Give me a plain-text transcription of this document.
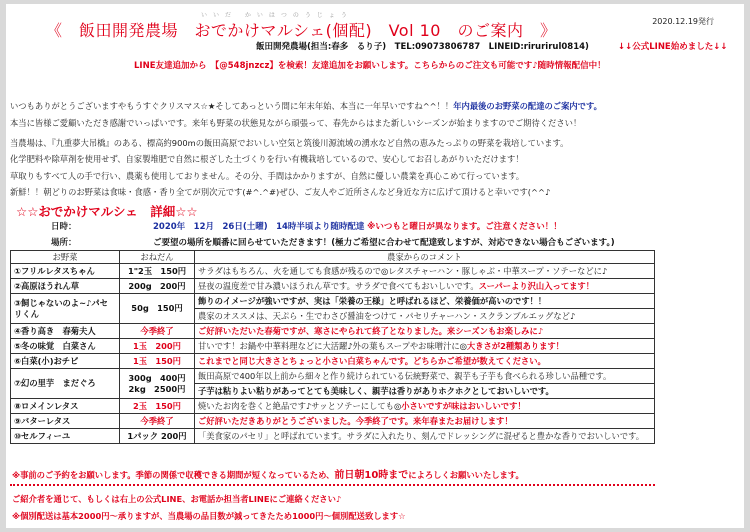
いいだ かいはつのうじょう
《　飯田開発農場　おでかけマルシェ(個配)　Vol 10　のご案内　》	2020.12.19発行
飯田開発農場(担当:春多　るり子)　TEL:09073806787　LINEID:rirurirul0814)	↓↓公式LINE始めました↓↓
LINE友達追加から　【@548jnzcz】を検索！友達追加をお願いします。こちらからのご注文も可能です♪随時情報配信中！
いつもありがとうございますやもうすぐクリスマス☆★そしてあっという間に年末年始、本当に一年早いですね^^！！年内最後のお野菜の配達のご案内です。
本当に皆様ご愛顧いただき感謝でいっぱいです。来年も野菜の状態見ながら頑張って、春先からはまた新しいシーズンが始まりますのでご期待ください！
当農場は、『九重夢大吊橋』のある、標高約900mの飯田高原でおいしい空気と筑後川源流域の湧水など自然の恵みたっぷりの野菜を栽培しています。
化学肥料や除草剤を使用せず、自家製堆肥で自然に根ざした土づくりを行い有機栽培しているので、安心してお召しあがりいただけます！
草取りもすべて人の手で行い、農薬も使用しておりません。その分、手間はかかりますが、自然に優しい農業を真心こめて行っています。
新鮮！！朝どりのお野菜は食味・食感・香り全てが別次元です(#^.^#)ぜひ、ご友人やご近所さんなど身近な方に広げて頂けると幸いです(^^♪
☆☆おでかけマルシェ　詳細☆☆
日時：	2020年　12月　26日(土曜)　14時半頃より随時配達 ※いつもと曜日が異なります。ご注意ください！！
場所：	ご要望の場所を順番に回らせていただきます！(極力ご希望に合わせて配達致しますが、対応できない場合もございます。)
お野菜	おねだん	農家からのコメント
①フリルレタスちゃん	1"2玉　150円	サラダはもちろん、火を通しても食感が残るので◎レタスチャーハン・豚しゃぶ・中華スープ・ソテーなどに♪
②高原ほうれん草	200g　200円	昼夜の温度差で甘み濃いほうれん草です。サラダで食べてもおいしいです。スーパーより沢山入ってます！
③飼じゃないのよ~♪パセリくん	50g　150円	飾りのイメージが強いですが、実は「栄養の王様」と呼ばれるほど、栄養価が高いのです！！
		農家のオススメは、天ぷら・生でわさび醤油をつけて・パセリチャーハン・スクランブルエッグなど♪
④香り高き　春菊夫人	今季終了	ご好評いただいた春菊ですが、寒さにやられて終了となりました。来シーズンもお楽しみに♪
⑤冬の味覚　白菜さん	1玉　200円	甘いです！お鍋や中華料理などに大活躍♪外の葉もスープやお味噌汁に◎大きさが2種類あります！
⑥白菜(小)おチビ	1玉　150円	これまでと同じ大きさとちょっと小さい白菜ちゃんです。どちらかご希望が数えてください。
⑦幻の里芋　まだぐろ	300g　400円　2kg　2500円	飯田高原で400年以上前から細々と作り続けられている伝統野菜で、親芋も子芋も食べられる珍しい品種です。
		子芋は粘りよい粘りがあってとても美味しく、親芋は香りがありホクホクとしておいしいです。
⑧ロメインレタス	2玉　150円	焼いたお肉を巻くと絶品です♪サッとソテーにしても◎小さいですが味はおいしいです！
⑨バターレタス	今季終了	ご好評いただきありがとうございました。今季終了です。来年春またお届けします！
⑩セルフィーユ	1パック 200円	「美食家のパセリ」と呼ばれています。サラダに入れたり、刻んでドレッシングに混ぜると豊かな香りでおいしいです。
※事前のご予約をお願いします。季節の関係で収穫できる期間が短くなっているため、前日朝10時までによろしくお願いいたします。
ご紹介者を通じて、もしくは右上の公式LINE、お電話か担当者LINEにご連絡ください♪
※個別配送は基本2000円～承りますが、当農場の品目数が減ってきたため1000円～個別配送致します☆
